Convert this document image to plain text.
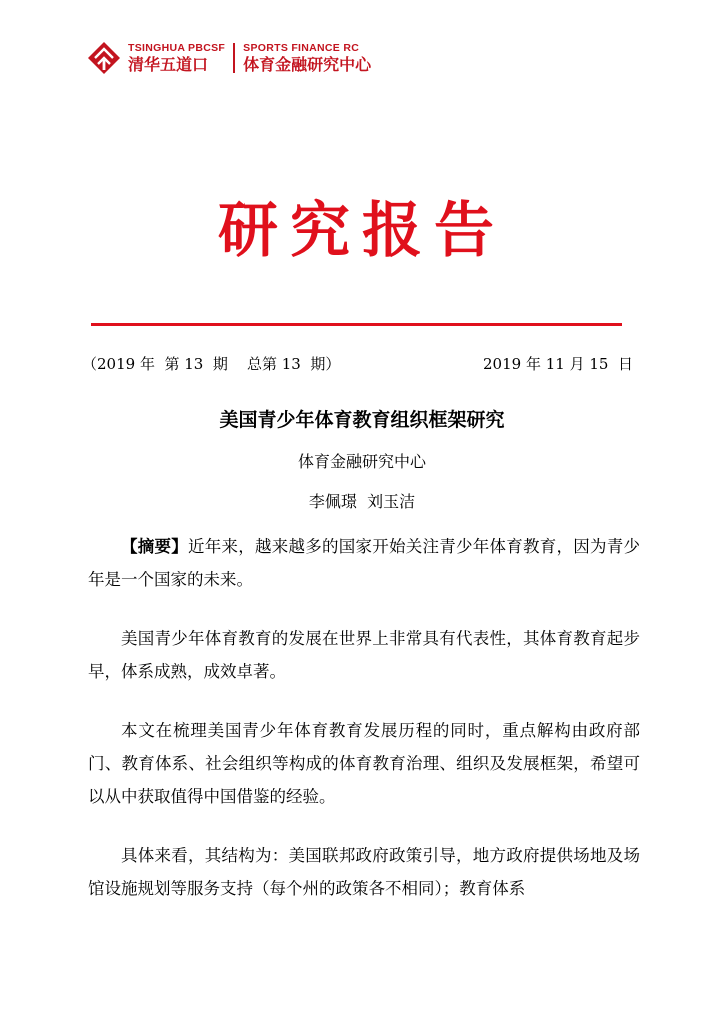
TSINGHUA PBCSF
清华五道口
SPORTS FINANCE RC
体育金融研究中心
研究报告
（2019 年  第 13  期    总第 13  期）	2019 年 11 月 15  日
美国青少年体育教育组织框架研究
体育金融研究中心
李佩璟  刘玉洁

【摘要】近年来，越来越多的国家开始关注青少年体育教育，因为青少年是一个国家的未来。

美国青少年体育教育的发展在世界上非常具有代表性，其体育教育起步早，体系成熟，成效卓著。

本文在梳理美国青少年体育教育发展历程的同时，重点解构由政府部门、教育体系、社会组织等构成的体育教育治理、组织及发展框架，希望可以从中获取值得中国借鉴的经验。

具体来看，其结构为：美国联邦政府政策引导，地方政府提供场地及场馆设施规划等服务支持（每个州的政策各不相同）；教育体系
